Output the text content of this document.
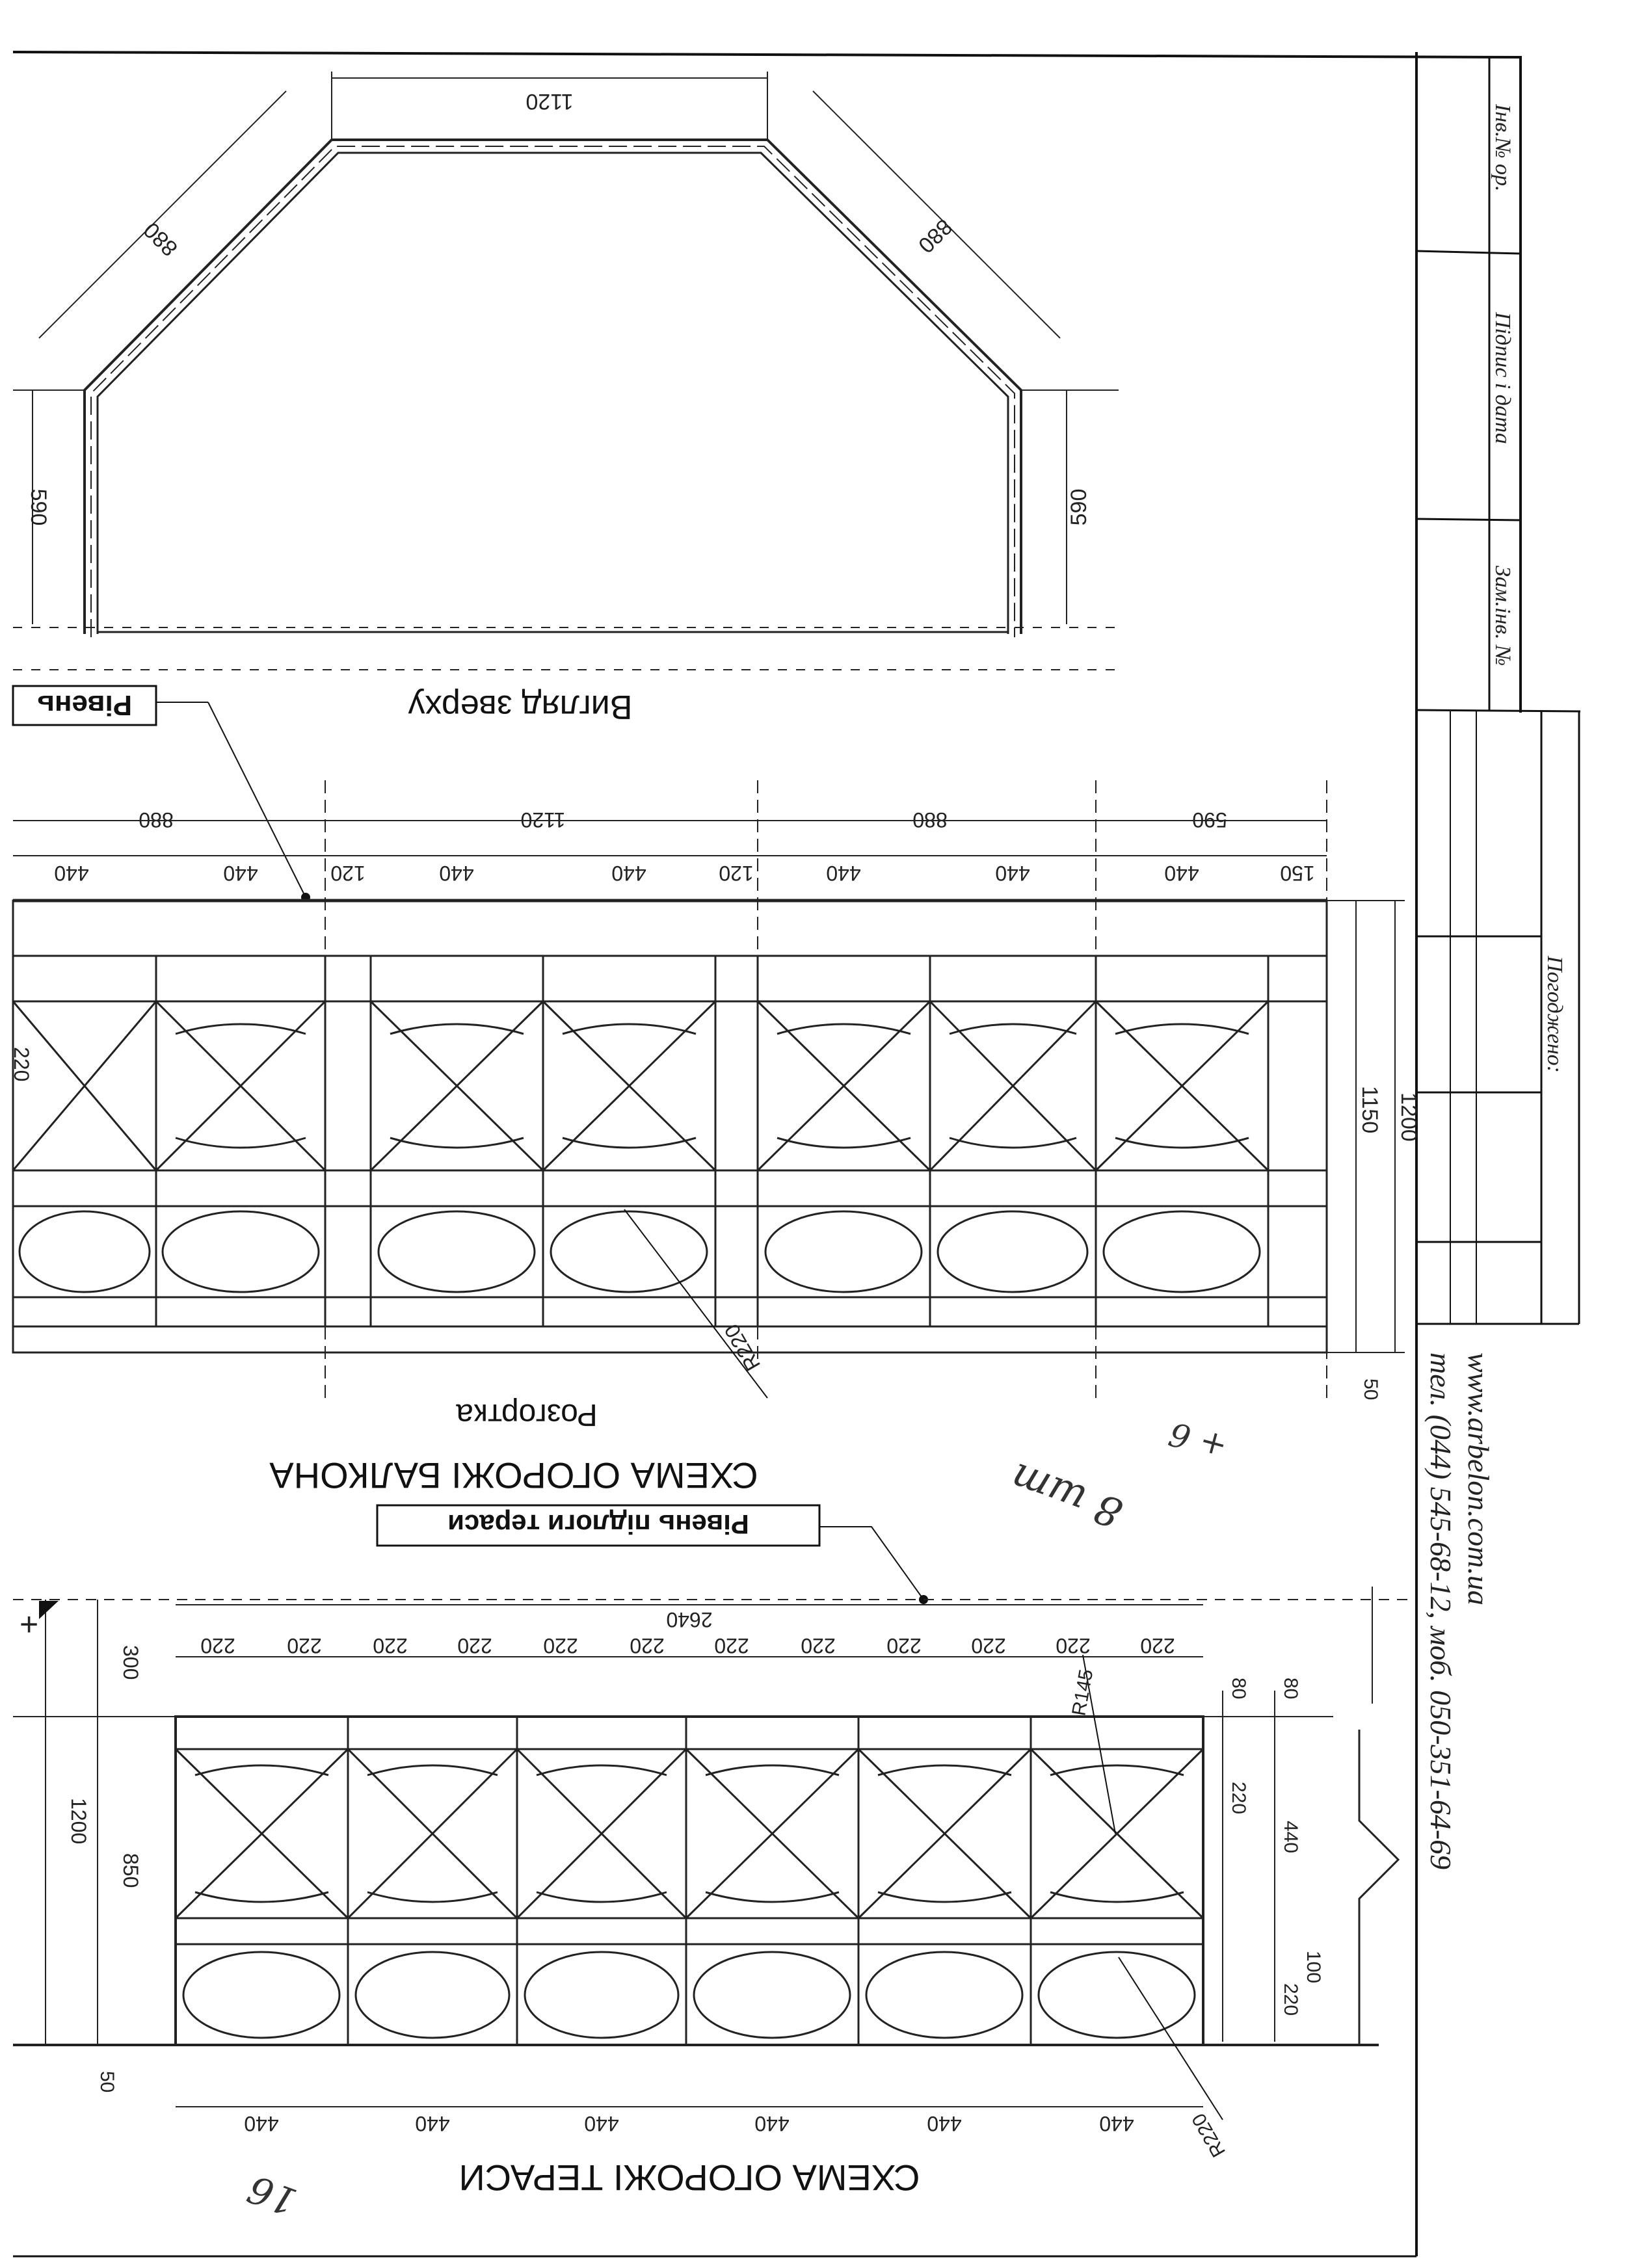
Інв.№ ор.
Підпис і дата
Зам.інв. №
Погоджено:
www.arbelon.com.ua
тел. (044) 545-68-12, моб. 050-351-64-69
1120
880	880
590	590
Вигляд зверху
Рівень
R220
220
1200
1150
50
880	1120	880	590
440	440	120	440	440	120	440	440	440	150
Розгортка
СХЕМА ОГОРОЖІ БАЛКОНА
Рівень підлоги тераси	8 шт
+ 6
16
R145
R220
2640
220 220 220 220 220 220 220 220 220 220 220 220
440	440	440	440	440	440
300
1200
850
50
+
80 80
220
440
100
220
СХЕМА ОГОРОЖІ ТЕРАСИ
